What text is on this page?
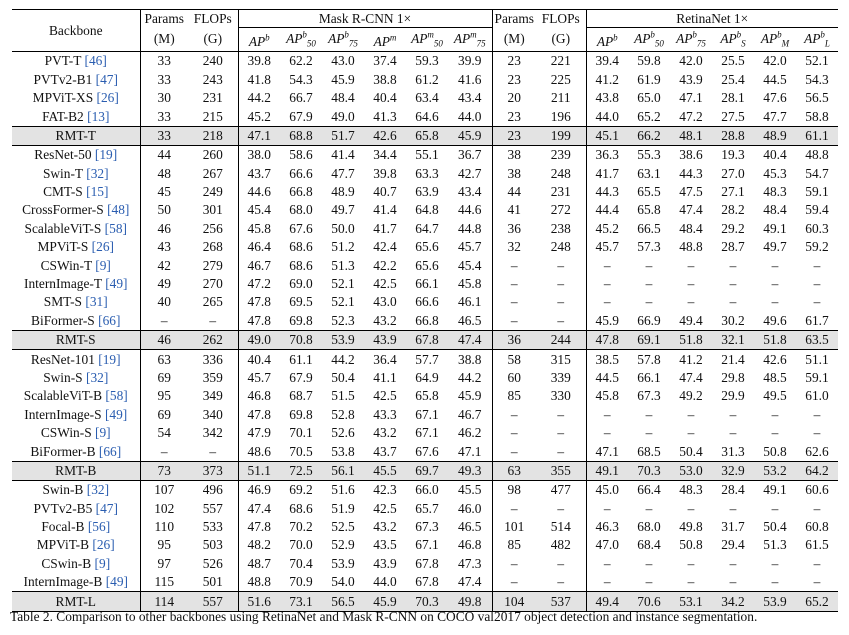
Backbone	Params	FLOPs	Mask R-CNN 1×						Params	FLOPs	RetinaNet 1×					
	(M)	(G)	$AP^b$	$AP^b_{50}$	$AP^b_{75}$	$AP^m$	$AP^m_{50}$	$AP^m_{75}$	(M)	(G)	$AP^b$	$AP^b_{50}$	$AP^b_{75}$	$AP^b_S$	$AP^b_M$	$AP^b_L$
PVT-T [46]	33	240	39.8	62.2	43.0	37.4	59.3	39.9	23	221	39.4	59.8	42.0	25.5	42.0	52.1
PVTv2-B1 [47]	33	243	41.8	54.3	45.9	38.8	61.2	41.6	23	225	41.2	61.9	43.9	25.4	44.5	54.3
MPViT-XS [26]	30	231	44.2	66.7	48.4	40.4	63.4	43.4	20	211	43.8	65.0	47.1	28.1	47.6	56.5
FAT-B2 [13]	33	215	45.2	67.9	49.0	41.3	64.6	44.0	23	196	44.0	65.2	47.2	27.5	47.7	58.8
RMT-T	33	218	47.1	68.8	51.7	42.6	65.8	45.9	23	199	45.1	66.2	48.1	28.8	48.9	61.1
ResNet-50 [19]	44	260	38.0	58.6	41.4	34.4	55.1	36.7	38	239	36.3	55.3	38.6	19.3	40.4	48.8
Swin-T [32]	48	267	43.7	66.6	47.7	39.8	63.3	42.7	38	248	41.7	63.1	44.3	27.0	45.3	54.7
CMT-S [15]	45	249	44.6	66.8	48.9	40.7	63.9	43.4	44	231	44.3	65.5	47.5	27.1	48.3	59.1
CrossFormer-S [48]	50	301	45.4	68.0	49.7	41.4	64.8	44.6	41	272	44.4	65.8	47.4	28.2	48.4	59.4
ScalableViT-S [58]	46	256	45.8	67.6	50.0	41.7	64.7	44.8	36	238	45.2	66.5	48.4	29.2	49.1	60.3
MPViT-S [26]	43	268	46.4	68.6	51.2	42.4	65.6	45.7	32	248	45.7	57.3	48.8	28.7	49.7	59.2
CSWin-T [9]	42	279	46.7	68.6	51.3	42.2	65.6	45.4	–	–	–	–	–	–	–	–
InternImage-T [49]	49	270	47.2	69.0	52.1	42.5	66.1	45.8	–	–	–	–	–	–	–	–
SMT-S [31]	40	265	47.8	69.5	52.1	43.0	66.6	46.1	–	–	–	–	–	–	–	–
BiFormer-S [66]	–	–	47.8	69.8	52.3	43.2	66.8	46.5	–	–	45.9	66.9	49.4	30.2	49.6	61.7
RMT-S	46	262	49.0	70.8	53.9	43.9	67.8	47.4	36	244	47.8	69.1	51.8	32.1	51.8	63.5
ResNet-101 [19]	63	336	40.4	61.1	44.2	36.4	57.7	38.8	58	315	38.5	57.8	41.2	21.4	42.6	51.1
Swin-S [32]	69	359	45.7	67.9	50.4	41.1	64.9	44.2	60	339	44.5	66.1	47.4	29.8	48.5	59.1
ScalableViT-B [58]	95	349	46.8	68.7	51.5	42.5	65.8	45.9	85	330	45.8	67.3	49.2	29.9	49.5	61.0
InternImage-S [49]	69	340	47.8	69.8	52.8	43.3	67.1	46.7	–	–	–	–	–	–	–	–
CSWin-S [9]	54	342	47.9	70.1	52.6	43.2	67.1	46.2	–	–	–	–	–	–	–	–
BiFormer-B [66]	–	–	48.6	70.5	53.8	43.7	67.6	47.1	–	–	47.1	68.5	50.4	31.3	50.8	62.6
RMT-B	73	373	51.1	72.5	56.1	45.5	69.7	49.3	63	355	49.1	70.3	53.0	32.9	53.2	64.2
Swin-B [32]	107	496	46.9	69.2	51.6	42.3	66.0	45.5	98	477	45.0	66.4	48.3	28.4	49.1	60.6
PVTv2-B5 [47]	102	557	47.4	68.6	51.9	42.5	65.7	46.0	–	–	–	–	–	–	–	–
Focal-B [56]	110	533	47.8	70.2	52.5	43.2	67.3	46.5	101	514	46.3	68.0	49.8	31.7	50.4	60.8
MPViT-B [26]	95	503	48.2	70.0	52.9	43.5	67.1	46.8	85	482	47.0	68.4	50.8	29.4	51.3	61.5
CSwin-B [9]	97	526	48.7	70.4	53.9	43.9	67.8	47.3	–	–	–	–	–	–	–	–
InternImage-B [49]	115	501	48.8	70.9	54.0	44.0	67.8	47.4	–	–	–	–	–	–	–	–
RMT-L	114	557	51.6	73.1	56.5	45.9	70.3	49.8	104	537	49.4	70.6	53.1	34.2	53.9	65.2
Table 2. Comparison to other backbones using RetinaNet and Mask R-CNN on COCO val2017 object detection and instance segmentation.
